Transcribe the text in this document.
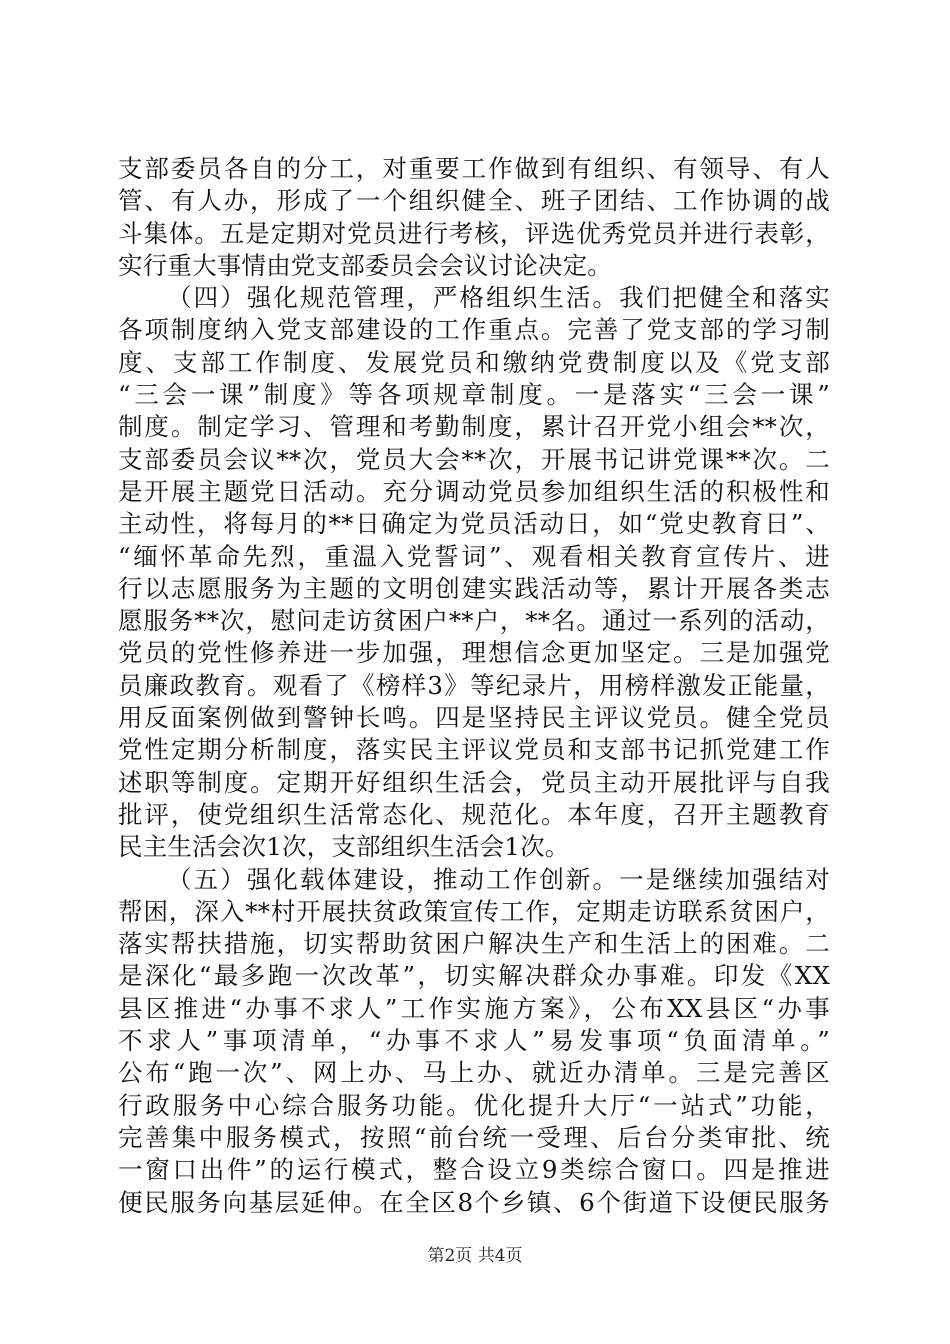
支部委员各自的分工，对重要工作做到有组织、有领导、有人
管、有人办，形成了一个组织健全、班子团结、工作协调的战
斗集体。五是定期对党员进行考核，评选优秀党员并进行表彰，
实行重大事情由党支部委员会会议讨论决定。
（四）强化规范管理，严格组织生活。我们把健全和落实
各项制度纳入党支部建设的工作重点。完善了党支部的学习制
度、支部工作制度、发展党员和缴纳党费制度以及《党支部
“三会一课”制度》等各项规章制度。一是落实“三会一课”
制度。制定学习、管理和考勤制度，累计召开党小组会**次，
支部委员会议**次，党员大会**次，开展书记讲党课**次。二
是开展主题党日活动。充分调动党员参加组织生活的积极性和
主动性，将每月的**日确定为党员活动日，如“党史教育日”、
“缅怀革命先烈，重温入党誓词”、观看相关教育宣传片、进
行以志愿服务为主题的文明创建实践活动等，累计开展各类志
愿服务**次，慰问走访贫困户**户，**名。通过一系列的活动，
党员的党性修养进一步加强，理想信念更加坚定。三是加强党
员廉政教育。观看了《榜样3》等纪录片，用榜样激发正能量，
用反面案例做到警钟长鸣。四是坚持民主评议党员。健全党员
党性定期分析制度，落实民主评议党员和支部书记抓党建工作
述职等制度。定期开好组织生活会，党员主动开展批评与自我
批评，使党组织生活常态化、规范化。本年度，召开主题教育
民主生活会次1次，支部组织生活会1次。
（五）强化载体建设，推动工作创新。一是继续加强结对
帮困，深入**村开展扶贫政策宣传工作，定期走访联系贫困户，
落实帮扶措施，切实帮助贫困户解决生产和生活上的困难。二
是深化“最多跑一次改革”，切实解决群众办事难。印发《XX
县区推进“办事不求人”工作实施方案》，公布XX县区“办事
不求人”事项清单，“办事不求人”易发事项“负面清单。”
公布“跑一次”、网上办、马上办、就近办清单。三是完善区
行政服务中心综合服务功能。优化提升大厅“一站式”功能，
完善集中服务模式，按照“前台统一受理、后台分类审批、统
一窗口出件”的运行模式，整合设立9类综合窗口。四是推进
便民服务向基层延伸。在全区8个乡镇、6个街道下设便民服务
第2页 共4页
